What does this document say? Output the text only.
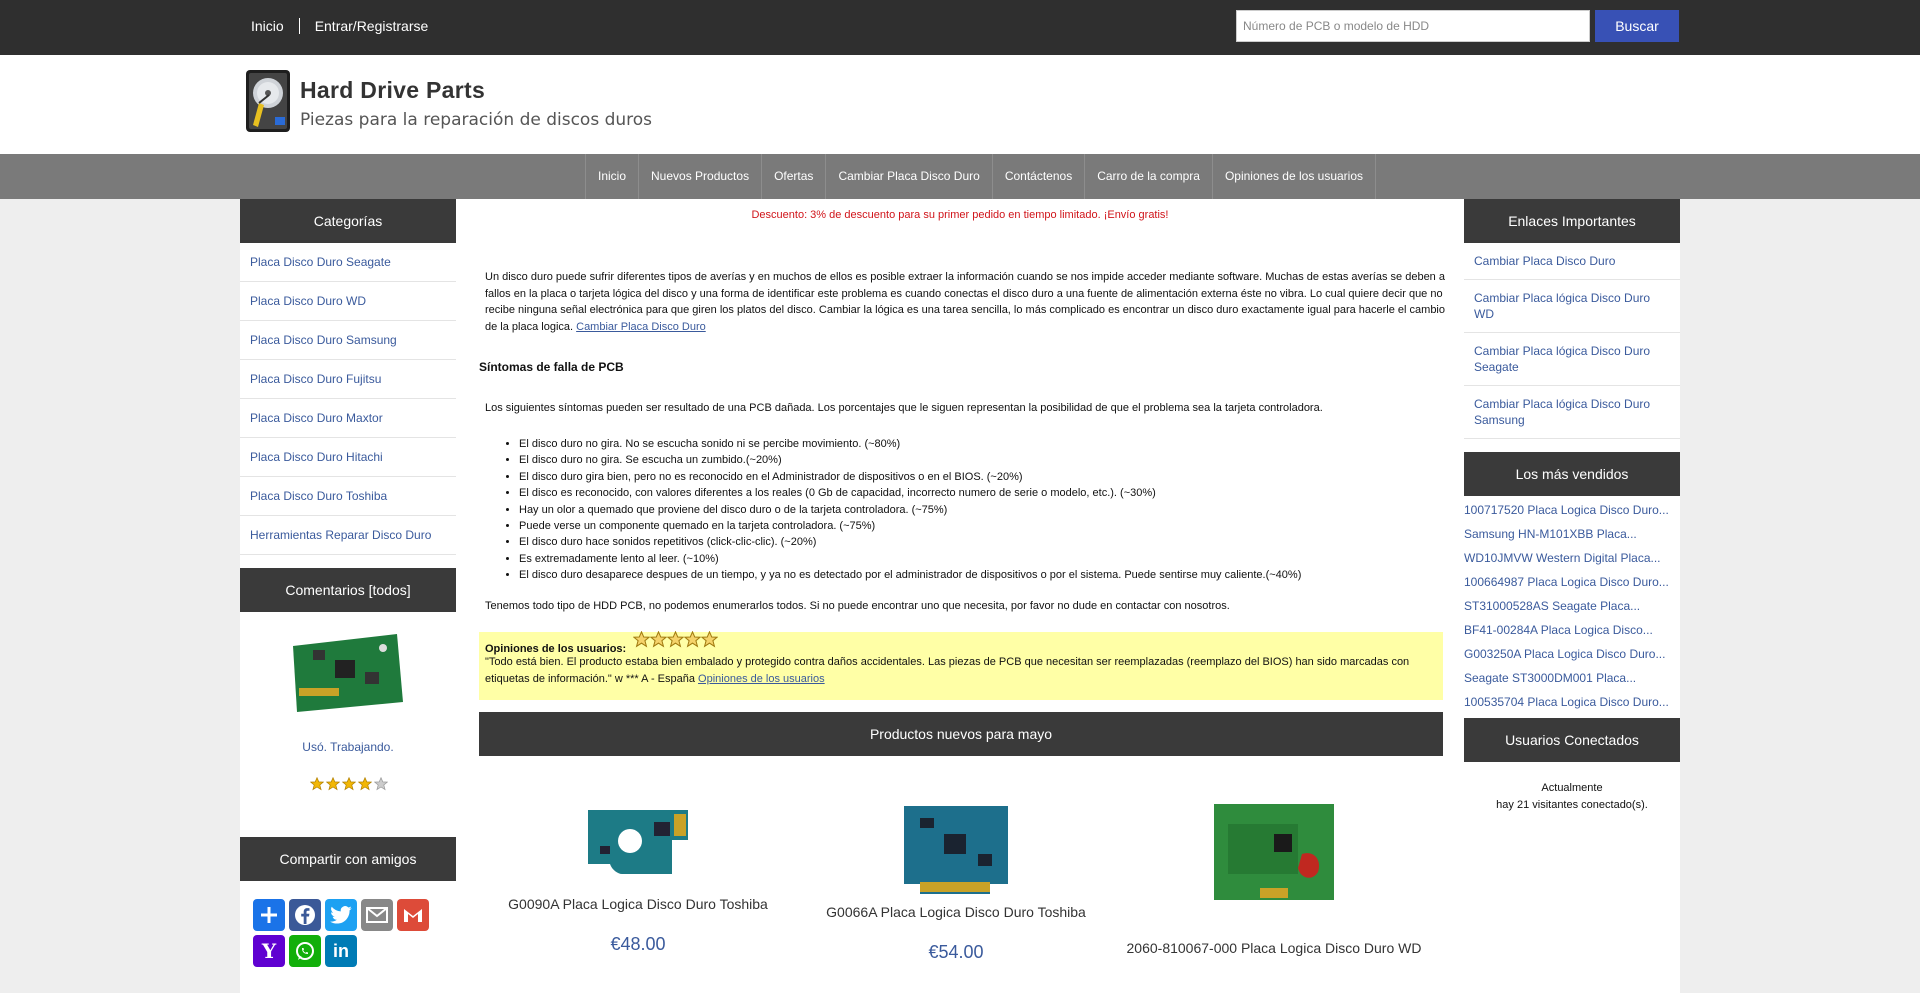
Inicio Entrar/Registrarse
Número de PCB o modelo de HDD	Buscar
Hard Drive Parts
Piezas para la reparación de discos duros
Inicio	Nuevos Productos	Ofertas	Cambiar Placa Disco Duro	Contáctenos	Carro de la compra	Opiniones de los usuarios
Categorías
Placa Disco Duro Seagate
Placa Disco Duro WD
Placa Disco Duro Samsung
Placa Disco Duro Fujitsu
Placa Disco Duro Maxtor
Placa Disco Duro Hitachi
Placa Disco Duro Toshiba
Herramientas Reparar Disco Duro
Comentarios [todos]
Usó. Trabajando.
Compartir con amigos
Y	in
Descuento: 3% de descuento para su primer pedido en tiempo limitado. ¡Envío gratis!
Un disco duro puede sufrir diferentes tipos de averías y en muchos de ellos es posible extraer la información cuando se nos impide acceder mediante software. Muchas de estas averías se deben a fallos en la placa o tarjeta lógica del disco y una forma de identificar este problema es cuando conectas el disco duro a una fuente de alimentación externa éste no vibra. Lo cual quiere decir que no recibe ninguna señal electrónica para que giren los platos del disco. Cambiar la lógica es una tarea sencilla, lo más complicado es encontrar un disco duro exactamente igual para hacerle el cambio de la placa logica. Cambiar Placa Disco Duro
Síntomas de falla de PCB
Los siguientes síntomas pueden ser resultado de una PCB dañada. Los porcentajes que le siguen representan la posibilidad de que el problema sea la tarjeta controladora.
• El disco duro no gira. No se escucha sonido ni se percibe movimiento. (~80%)
• El disco duro no gira. Se escucha un zumbido.(~20%)
• El disco duro gira bien, pero no es reconocido en el Administrador de dispositivos o en el BIOS. (~20%)
• El disco es reconocido, con valores diferentes a los reales (0 Gb de capacidad, incorrecto numero de serie o modelo, etc.). (~30%)
• Hay un olor a quemado que proviene del disco duro o de la tarjeta controladora. (~75%)
• Puede verse un componente quemado en la tarjeta controladora. (~75%)
• El disco duro hace sonidos repetitivos (click-clic-clic). (~20%)
• Es extremadamente lento al leer. (~10%)
• El disco duro desaparece despues de un tiempo, y ya no es detectado por el administrador de dispositivos o por el sistema. Puede sentirse muy caliente.(~40%)
Tenemos todo tipo de HDD PCB, no podemos enumerarlos todos. Si no puede encontrar uno que necesita, por favor no dude en contactar con nosotros.
Opiniones de los usuarios:
"Todo está bien. El producto estaba bien embalado y protegido contra daños accidentales. Las piezas de PCB que necesitan ser reemplazadas (reemplazo del BIOS) han sido marcadas con etiquetas de información." w *** A - España Opiniones de los usuarios
Productos nuevos para mayo
G0090A Placa Logica Disco Duro Toshiba
€48.00
G0066A Placa Logica Disco Duro Toshiba
€54.00	2060-810067-000 Placa Logica Disco Duro WD
Enlaces Importantes
Cambiar Placa Disco Duro
Cambiar Placa lógica Disco Duro WD
Cambiar Placa lógica Disco Duro Seagate
Cambiar Placa lógica Disco Duro Samsung
Los más vendidos
100717520 Placa Logica Disco Duro...
Samsung HN-M101XBB Placa...
WD10JMVW Western Digital Placa...
100664987 Placa Logica Disco Duro...
ST31000528AS Seagate Placa...
BF41-00284A Placa Logica Disco...
G003250A Placa Logica Disco Duro...
Seagate ST3000DM001 Placa...
100535704 Placa Logica Disco Duro...
Usuarios Conectados
Actualmente
hay 21 visitantes conectado(s).
